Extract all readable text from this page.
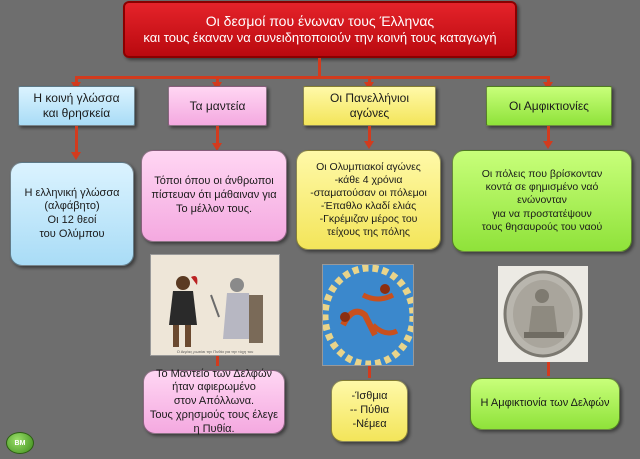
Οι δεσμοί που ένωναν τους Έλληνας
και τους έκαναν να συνειδητοποιούν την κοινή τους καταγωγή
Η κοινή γλώσσα
και θρησκεία
Τα μαντεία
Οι Πανελλήνιοι
αγώνες
Οι Αμφικτιονίες
Η ελληνική γλώσσα
(αλφάβητο)
Οι 12 θεοί
του Ολύμπου
Τόποι όπου οι άνθρωποι
πίστευαν ότι μάθαιναν για
Το μέλλον τους.
Ο Αιγέας ρωτάει την Πυθία για την τύχη του
Το Μαντείο των Δελφών
ήταν αφιερωμένο
στον Απόλλωνα.
Τους χρησμούς τους έλεγε
η Πυθία.
Οι Ολυμπιακοί αγώνες
-κάθε 4 χρόνια
-σταματούσαν οι πόλεμοι
-Έπαθλο κλαδί ελιάς
-Γκρέμιζαν μέρος του
τείχους της πόλης
-Ίσθμια
-- Πύθια
-Νέμεα
Οι πόλεις που βρίσκονταν
κοντά σε φημισμένο ναό
ενώνονταν
για να προστατέψουν
τους θησαυρούς του ναού
Η Αμφικτιονία των Δελφών
BM
